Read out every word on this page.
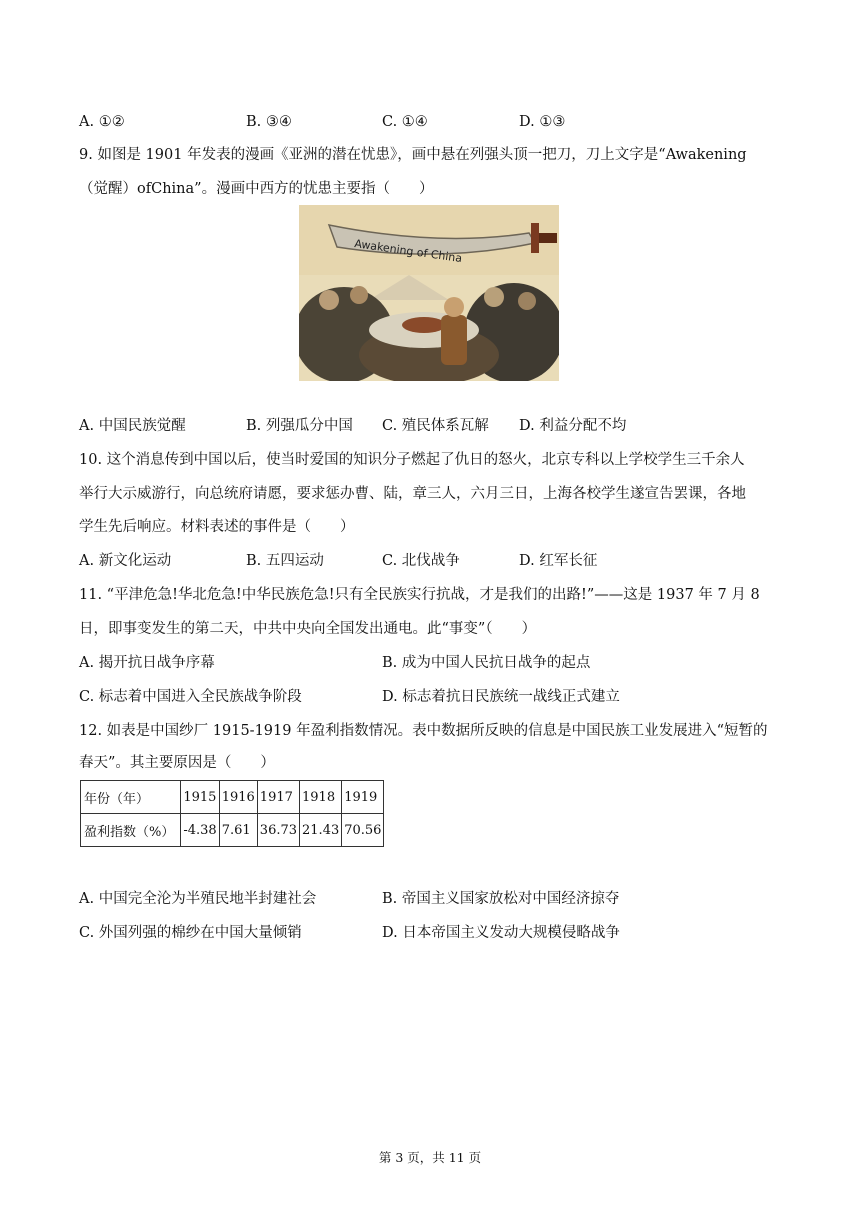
A. ①②	B. ③④	C. ①④	D. ①③
9. 如图是 1901 年发表的漫画《亚洲的潜在忧患》，画中悬在列强头顶一把刀，刀上文字是“Awakening
（觉醒）ofChina”。漫画中西方的忧患主要指（　　）
Awakening of China
A. 中国民族觉醒	B. 列强瓜分中国 C. 殖民体系瓦解 D. 利益分配不均
10. 这个消息传到中国以后，使当时爱国的知识分子燃起了仇日的怒火，北京专科以上学校学生三千余人
举行大示威游行，向总统府请愿，要求惩办曹、陆，章三人，六月三日，上海各校学生遂宣告罢课，各地
学生先后响应。材料表述的事件是（　　）
A. 新文化运动	B. 五四运动	C. 北伐战争	D. 红军长征
11. “平津危急!华北危急!中华民族危急!只有全民族实行抗战，才是我们的出路!”——这是 1937 年 7 月 8
日，即事变发生的第二天，中共中央向全国发出通电。此“事变”（　　）
A. 揭开抗日战争序幕	B. 成为中国人民抗日战争的起点
C. 标志着中国进入全民族战争阶段	D. 标志着抗日民族统一战线正式建立
12. 如表是中国纱厂 1915-1919 年盈利指数情况。表中数据所反映的信息是中国民族工业发展进入“短暂的
春天”。其主要原因是（　　）
年份（年）	1915	1916	1917	1918	1919
盈利指数（%）	-4.38	7.61	36.73	21.43	70.56
A. 中国完全沦为半殖民地半封建社会	B. 帝国主义国家放松对中国经济掠夺
C. 外国列强的棉纱在中国大量倾销	D. 日本帝国主义发动大规模侵略战争
第 3 页，共 11 页
